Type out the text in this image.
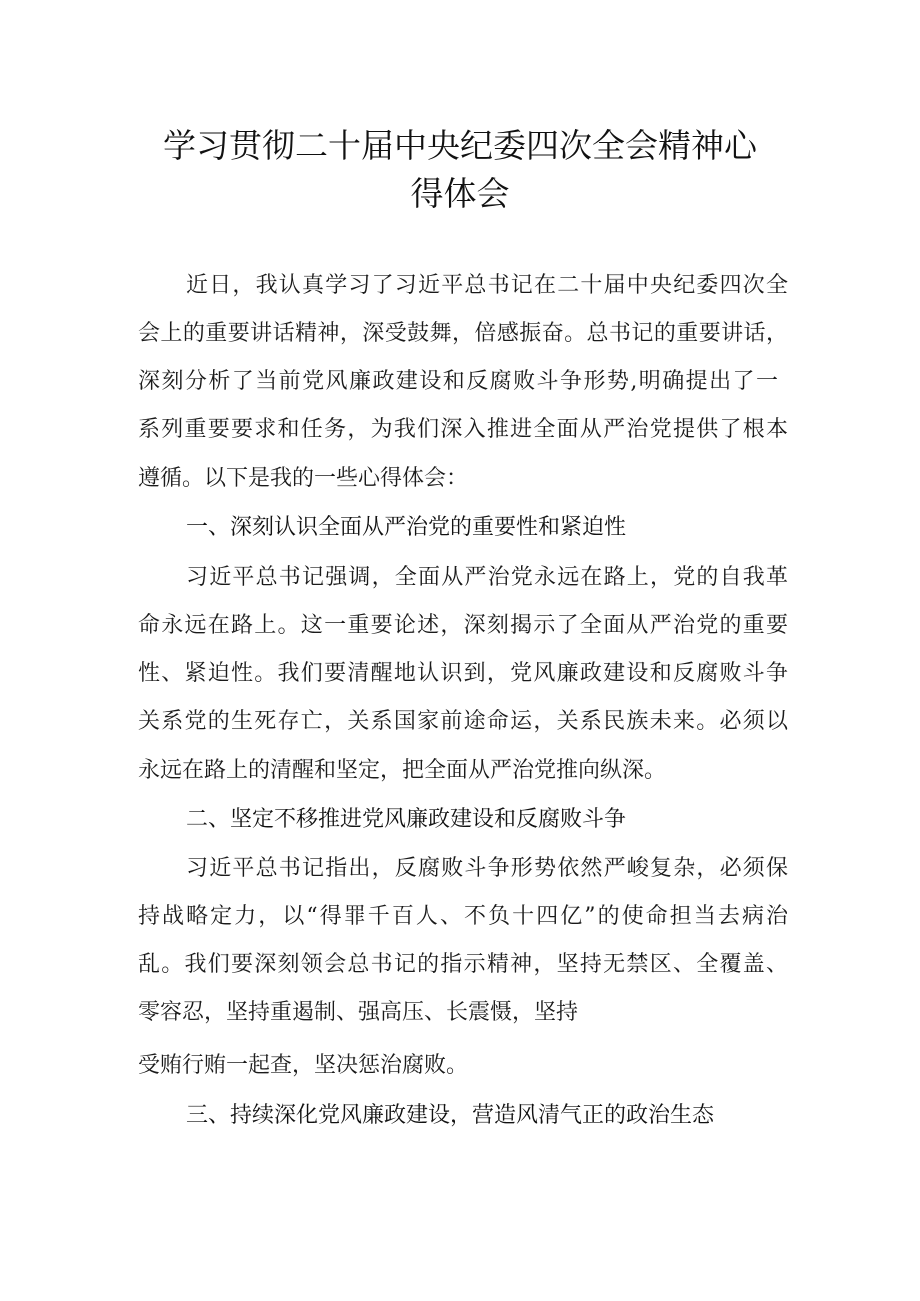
学习贯彻二十届中央纪委四次全会精神心
得体会
近日，我认真学习了习近平总书记在二十届中央纪委四次全
会上的重要讲话精神，深受鼓舞，倍感振奋。总书记的重要讲话，
深刻分析了当前党风廉政建设和反腐败斗争形势,明确提出了一
系列重要要求和任务，为我们深入推进全面从严治党提供了根本
遵循。以下是我的一些心得体会：
一、深刻认识全面从严治党的重要性和紧迫性
习近平总书记强调，全面从严治党永远在路上，党的自我革
命永远在路上。这一重要论述，深刻揭示了全面从严治党的重要
性、紧迫性。我们要清醒地认识到，党风廉政建设和反腐败斗争
关系党的生死存亡，关系国家前途命运，关系民族未来。必须以
永远在路上的清醒和坚定，把全面从严治党推向纵深。
二、坚定不移推进党风廉政建设和反腐败斗争
习近平总书记指出，反腐败斗争形势依然严峻复杂，必须保
持战略定力，以“得罪千百人、不负十四亿”的使命担当去病治
乱。我们要深刻领会总书记的指示精神，坚持无禁区、全覆盖、
零容忍，坚持重遏制、强高压、长震慑，坚持
受贿行贿一起查，坚决惩治腐败。
三、持续深化党风廉政建设，营造风清气正的政治生态
